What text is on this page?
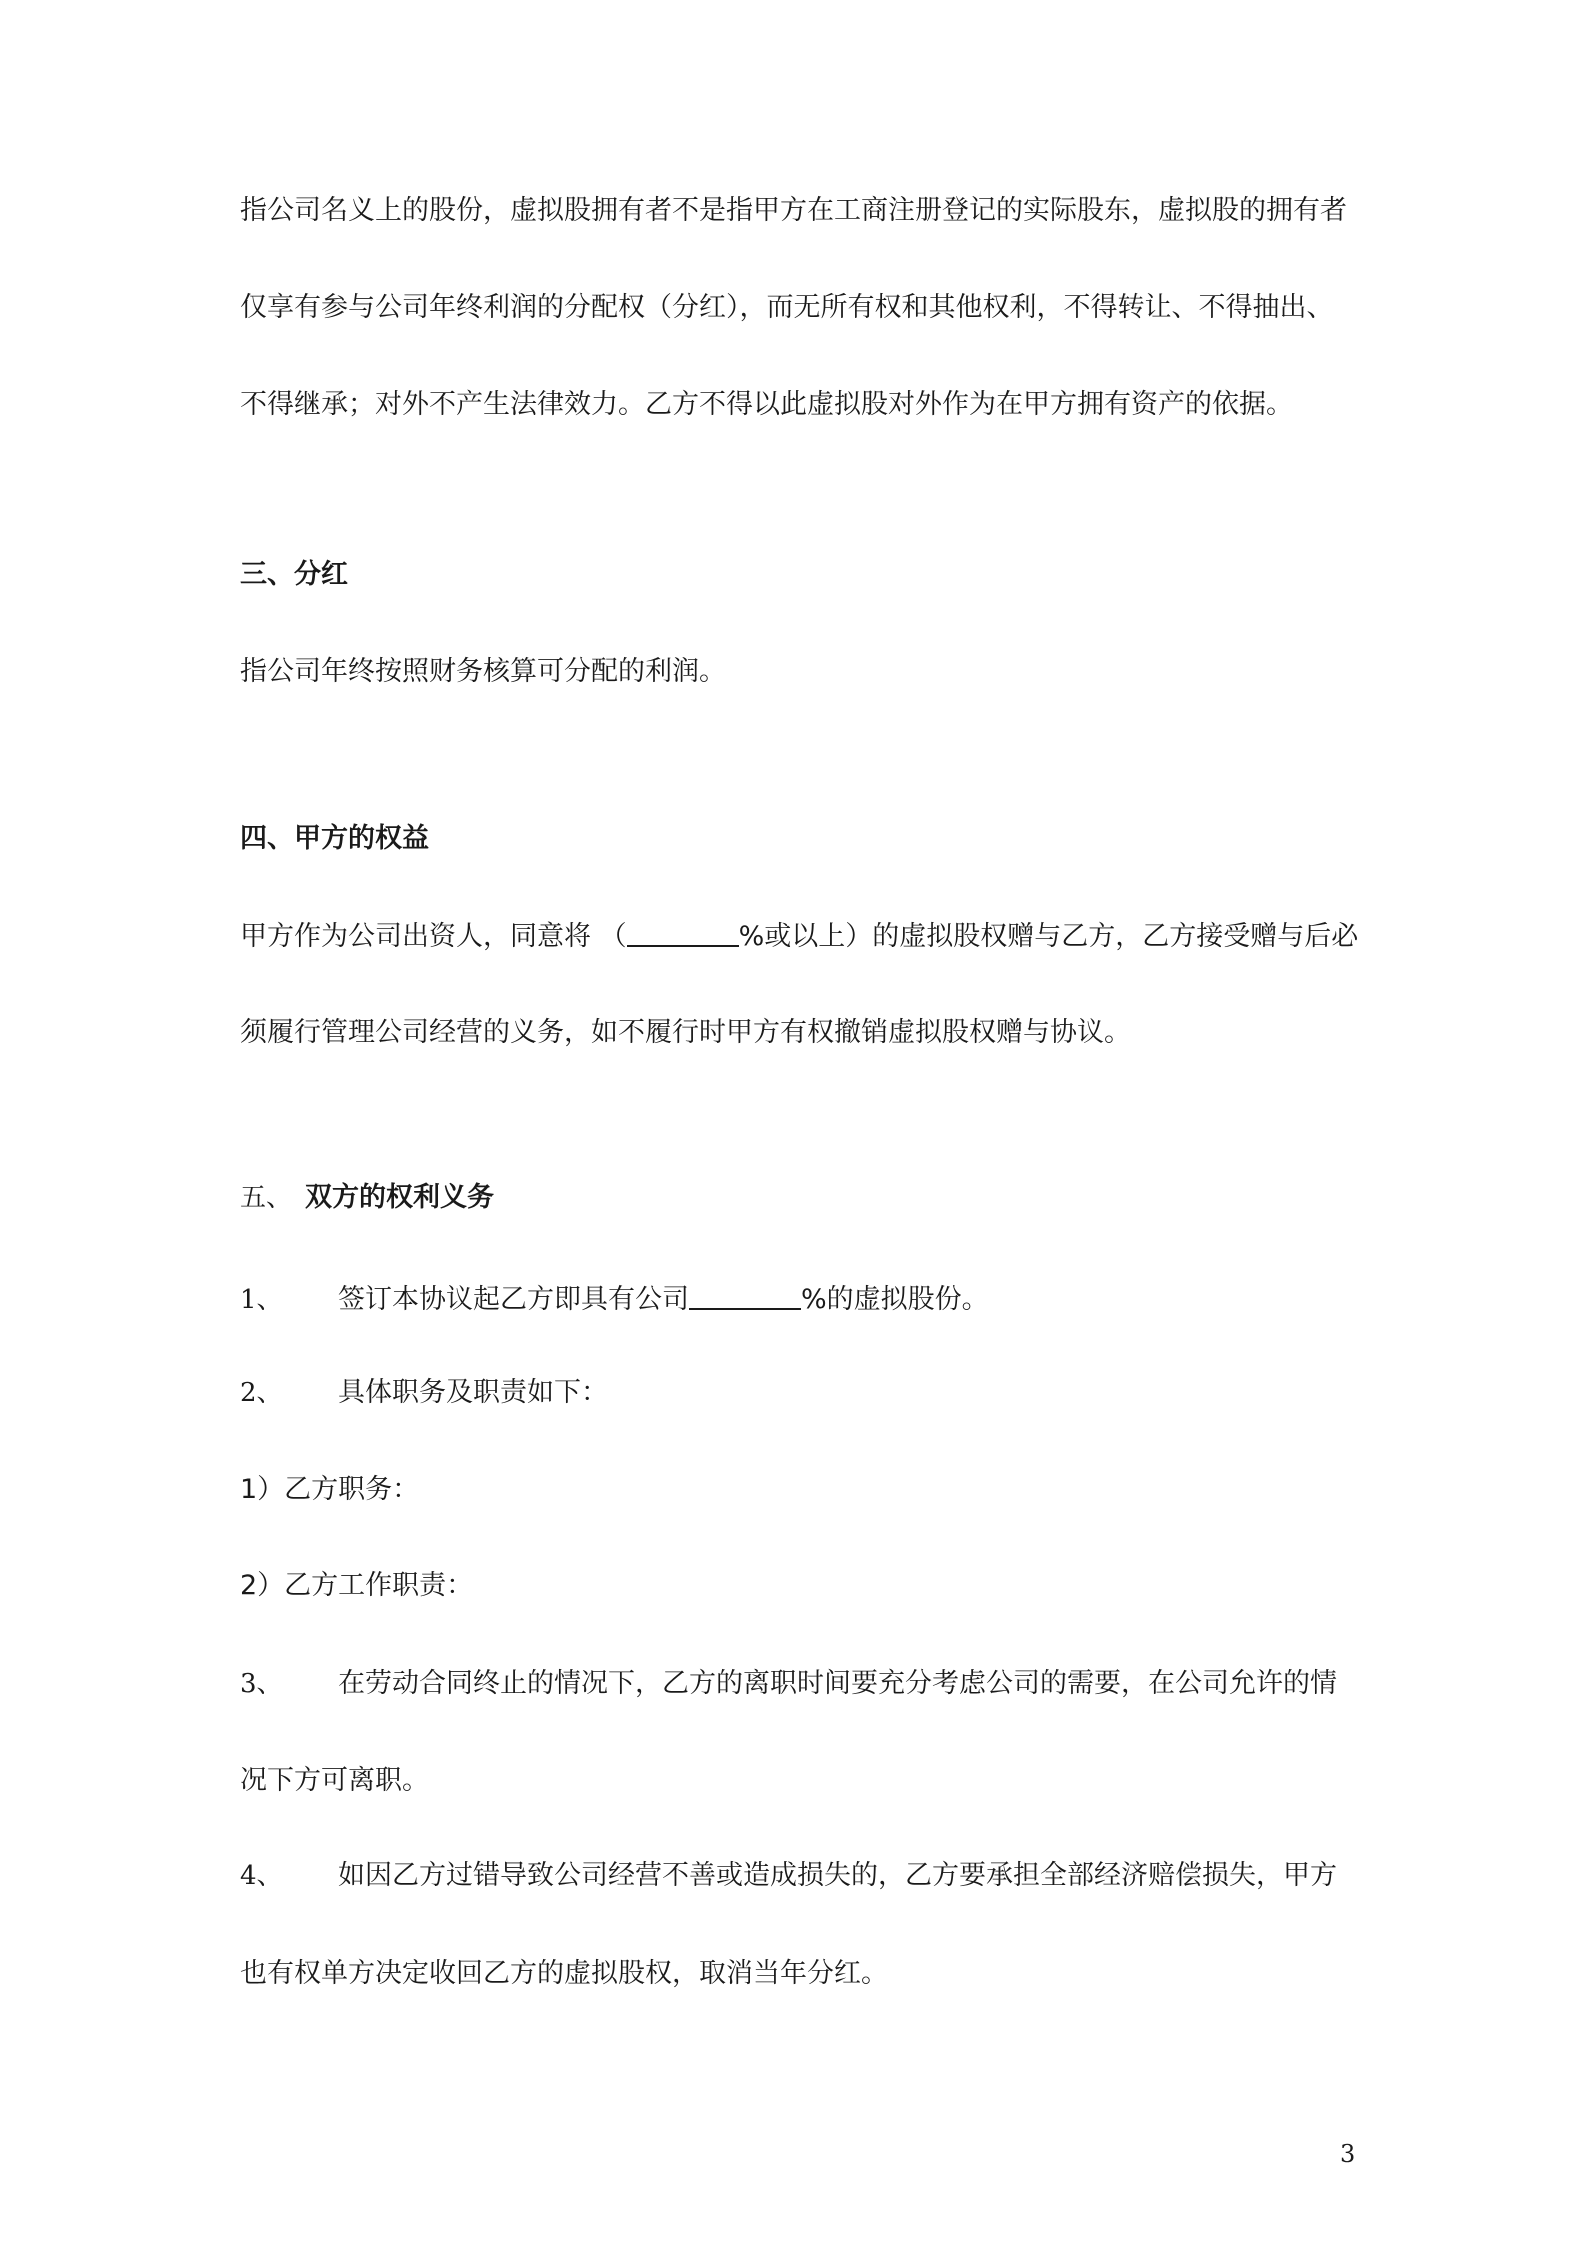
指公司名义上的股份，虚拟股拥有者不是指甲方在工商注册登记的实际股东，虚拟股的拥有者
仅享有参与公司年终利润的分配权（分红），而无所有权和其他权利，不得转让、不得抽出、
不得继承；对外不产生法律效力。乙方不得以此虚拟股对外作为在甲方拥有资产的依据。
三、分红
指公司年终按照财务核算可分配的利润。
四、甲方的权益
甲方作为公司出资人，同意将 （	%或以上）的虚拟股权赠与乙方，乙方接受赠与后必
须履行管理公司经营的义务，如不履行时甲方有权撤销虚拟股权赠与协议。
五、 双方的权利义务
1、 签订本协议起乙方即具有公司	%的虚拟股份。
2、 具体职务及职责如下：
1）乙方职务：
2）乙方工作职责：
3、 在劳动合同终止的情况下，乙方的离职时间要充分考虑公司的需要，在公司允许的情
况下方可离职。
4、 如因乙方过错导致公司经营不善或造成损失的，乙方要承担全部经济赔偿损失，甲方
也有权单方决定收回乙方的虚拟股权，取消当年分红。
3
